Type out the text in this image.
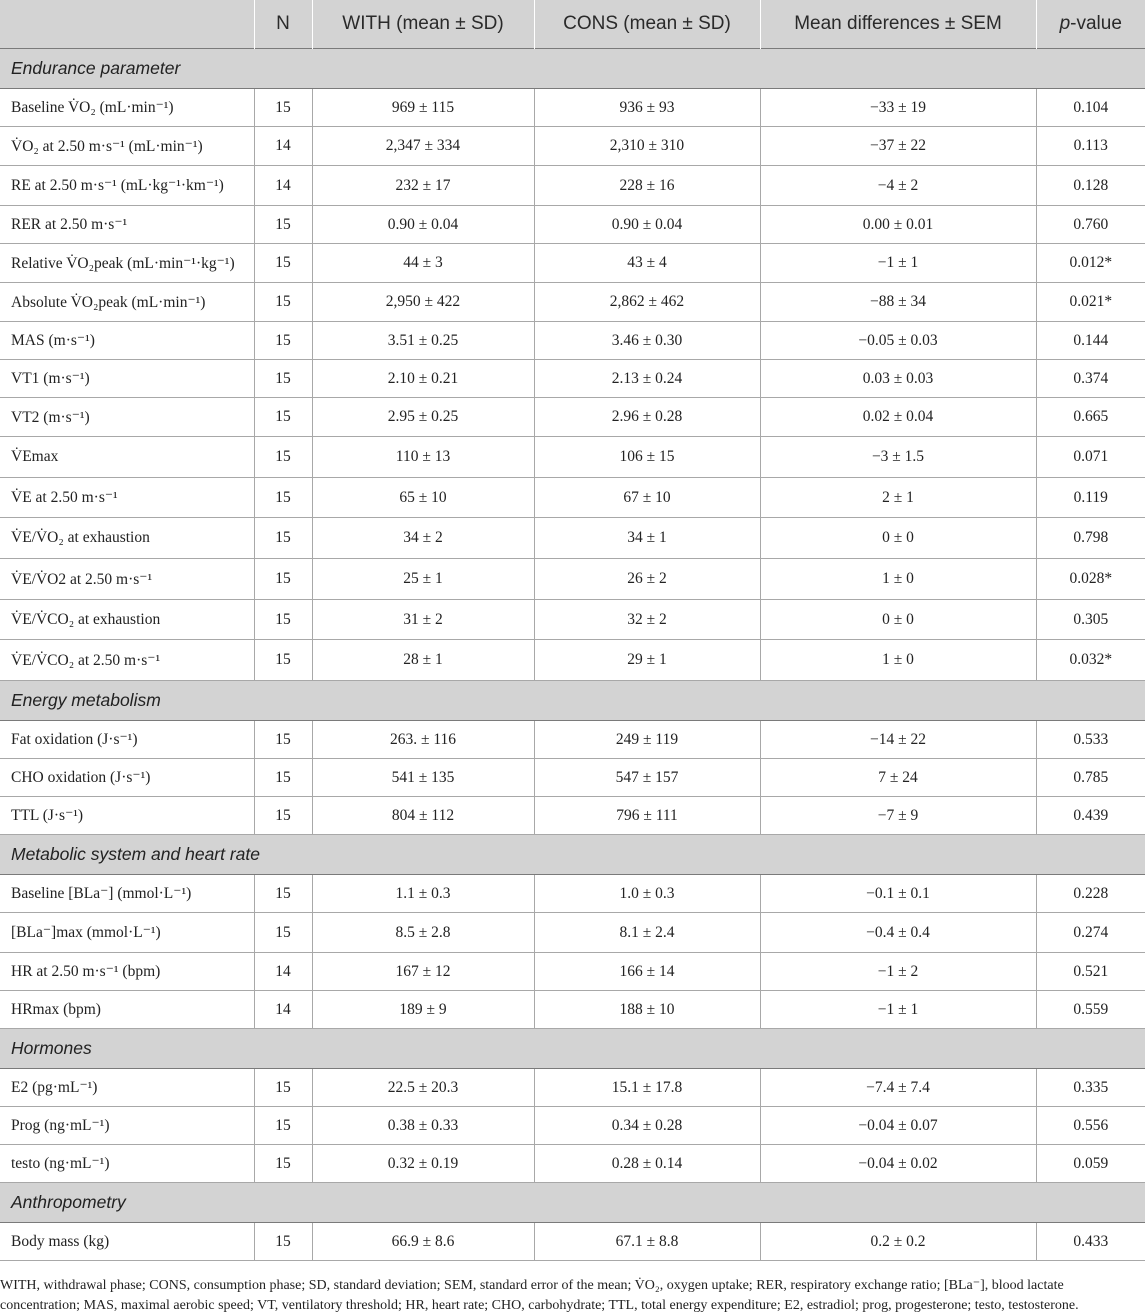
	N	WITH (mean ± SD)	CONS (mean ± SD)	Mean differences ± SEM	p-value
Endurance parameter					
Baseline V̇O₂ (mL·min⁻¹)	15	969 ± 115	936 ± 93	−33 ± 19	0.104
V̇O₂ at 2.50 m·s⁻¹ (mL·min⁻¹)	14	2,347 ± 334	2,310 ± 310	−37 ± 22	0.113
RE at 2.50 m·s⁻¹ (mL·kg⁻¹·km⁻¹)	14	232 ± 17	228 ± 16	−4 ± 2	0.128
RER at 2.50 m·s⁻¹	15	0.90 ± 0.04	0.90 ± 0.04	0.00 ± 0.01	0.760
Relative V̇O₂peak (mL·min⁻¹·kg⁻¹)	15	44 ± 3	43 ± 4	−1 ± 1	0.012*
Absolute V̇O₂peak (mL·min⁻¹)	15	2,950 ± 422	2,862 ± 462	−88 ± 34	0.021*
MAS (m·s⁻¹)	15	3.51 ± 0.25	3.46 ± 0.30	−0.05 ± 0.03	0.144
VT1 (m·s⁻¹)	15	2.10 ± 0.21	2.13 ± 0.24	0.03 ± 0.03	0.374
VT2 (m·s⁻¹)	15	2.95 ± 0.25	2.96 ± 0.28	0.02 ± 0.04	0.665
V̇Emax	15	110 ± 13	106 ± 15	−3 ± 1.5	0.071
V̇E at 2.50 m·s⁻¹	15	65 ± 10	67 ± 10	2 ± 1	0.119
V̇E/V̇O₂ at exhaustion	15	34 ± 2	34 ± 1	0 ± 0	0.798
V̇E/V̇O2 at 2.50 m·s⁻¹	15	25 ± 1	26 ± 2	1 ± 0	0.028*
V̇E/V̇CO₂ at exhaustion	15	31 ± 2	32 ± 2	0 ± 0	0.305
V̇E/V̇CO₂ at 2.50 m·s⁻¹	15	28 ± 1	29 ± 1	1 ± 0	0.032*
Energy metabolism					
Fat oxidation (J·s⁻¹)	15	263. ± 116	249 ± 119	−14 ± 22	0.533
CHO oxidation (J·s⁻¹)	15	541 ± 135	547 ± 157	7 ± 24	0.785
TTL (J·s⁻¹)	15	804 ± 112	796 ± 111	−7 ± 9	0.439
Metabolic system and heart rate					
Baseline [BLa⁻] (mmol·L⁻¹)	15	1.1 ± 0.3	1.0 ± 0.3	−0.1 ± 0.1	0.228
[BLa⁻]max (mmol·L⁻¹)	15	8.5 ± 2.8	8.1 ± 2.4	−0.4 ± 0.4	0.274
HR at 2.50 m·s⁻¹ (bpm)	14	167 ± 12	166 ± 14	−1 ± 2	0.521
HRmax (bpm)	14	189 ± 9	188 ± 10	−1 ± 1	0.559
Hormones					
E2 (pg·mL⁻¹)	15	22.5 ± 20.3	15.1 ± 17.8	−7.4 ± 7.4	0.335
Prog (ng·mL⁻¹)	15	0.38 ± 0.33	0.34 ± 0.28	−0.04 ± 0.07	0.556
testo (ng·mL⁻¹)	15	0.32 ± 0.19	0.28 ± 0.14	−0.04 ± 0.02	0.059
Anthropometry					
Body mass (kg)	15	66.9 ± 8.6	67.1 ± 8.8	0.2 ± 0.2	0.433
WITH, withdrawal phase; CONS, consumption phase; SD, standard deviation; SEM, standard error of the mean; V̇O₂, oxygen uptake; RER, respiratory exchange ratio; [BLa⁻], blood lactate concentration; MAS, maximal aerobic speed; VT, ventilatory threshold; HR, heart rate; CHO, carbohydrate; TTL, total energy expenditure; E2, estradiol; prog, progesterone; testo, testosterone.
